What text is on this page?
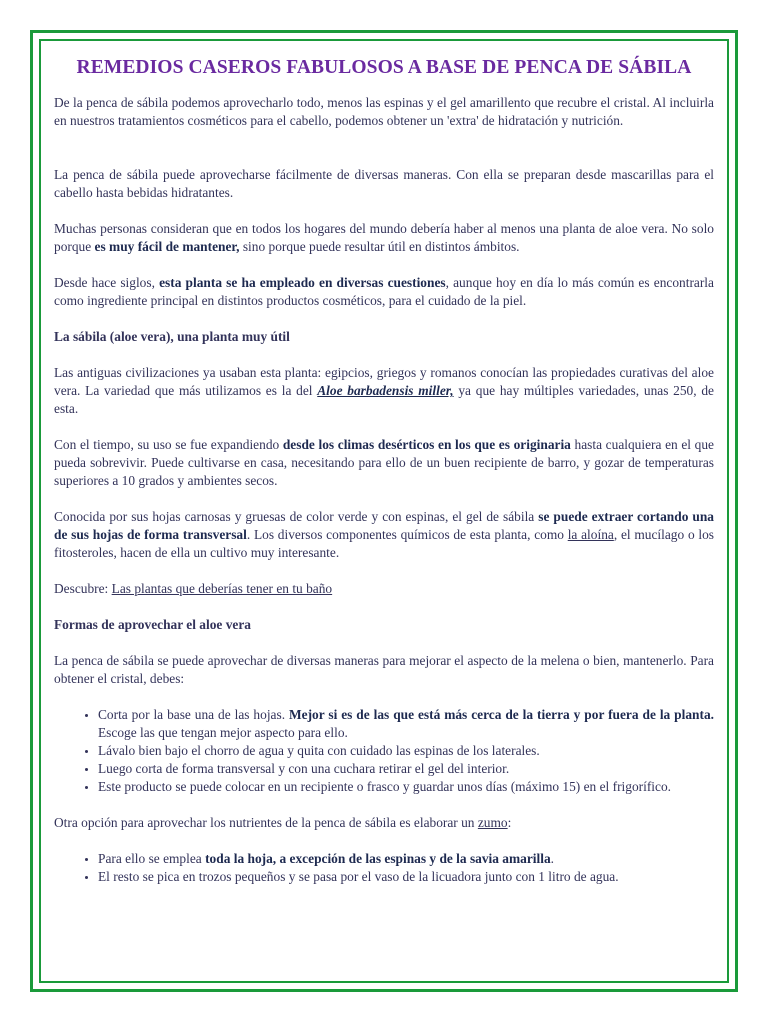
REMEDIOS CASEROS FABULOSOS A BASE DE PENCA DE SÁBILA

De la penca de sábila podemos aprovecharlo todo, menos las espinas y el gel amarillento que recubre el cristal. Al incluirla en nuestros tratamientos cosméticos para el cabello, podemos obtener un 'extra' de hidratación y nutrición.

La penca de sábila puede aprovecharse fácilmente de diversas maneras. Con ella se preparan desde mascarillas para el cabello hasta bebidas hidratantes.

Muchas personas consideran que en todos los hogares del mundo debería haber al menos una planta de aloe vera. No solo porque es muy fácil de mantener, sino porque puede resultar útil en distintos ámbitos.

Desde hace siglos, esta planta se ha empleado en diversas cuestiones, aunque hoy en día lo más común es encontrarla como ingrediente principal en distintos productos cosméticos, para el cuidado de la piel.

La sábila (aloe vera), una planta muy útil

Las antiguas civilizaciones ya usaban esta planta: egipcios, griegos y romanos conocían las propiedades curativas del aloe vera. La variedad que más utilizamos es la del Aloe barbadensis miller, ya que hay múltiples variedades, unas 250, de esta.

Con el tiempo, su uso se fue expandiendo desde los climas desérticos en los que es originaria hasta cualquiera en el que pueda sobrevivir. Puede cultivarse en casa, necesitando para ello de un buen recipiente de barro, y gozar de temperaturas superiores a 10 grados y ambientes secos.

Conocida por sus hojas carnosas y gruesas de color verde y con espinas, el gel de sábila se puede extraer cortando una de sus hojas de forma transversal. Los diversos componentes químicos de esta planta, como la aloína, el mucílago o los fitosteroles, hacen de ella un cultivo muy interesante.

Descubre: Las plantas que deberías tener en tu baño

Formas de aprovechar el aloe vera

La penca de sábila se puede aprovechar de diversas maneras para mejorar el aspecto de la melena o bien, mantenerlo. Para obtener el cristal, debes:

• Corta por la base una de las hojas. Mejor si es de las que está más cerca de la tierra y por fuera de la planta. Escoge las que tengan mejor aspecto para ello.
• Lávalo bien bajo el chorro de agua y quita con cuidado las espinas de los laterales.
• Luego corta de forma transversal y con una cuchara retirar el gel del interior.
• Este producto se puede colocar en un recipiente o frasco y guardar unos días (máximo 15) en el frigorífico.

Otra opción para aprovechar los nutrientes de la penca de sábila es elaborar un zumo:

• Para ello se emplea toda la hoja, a excepción de las espinas y de la savia amarilla.
• El resto se pica en trozos pequeños y se pasa por el vaso de la licuadora junto con 1 litro de agua.
